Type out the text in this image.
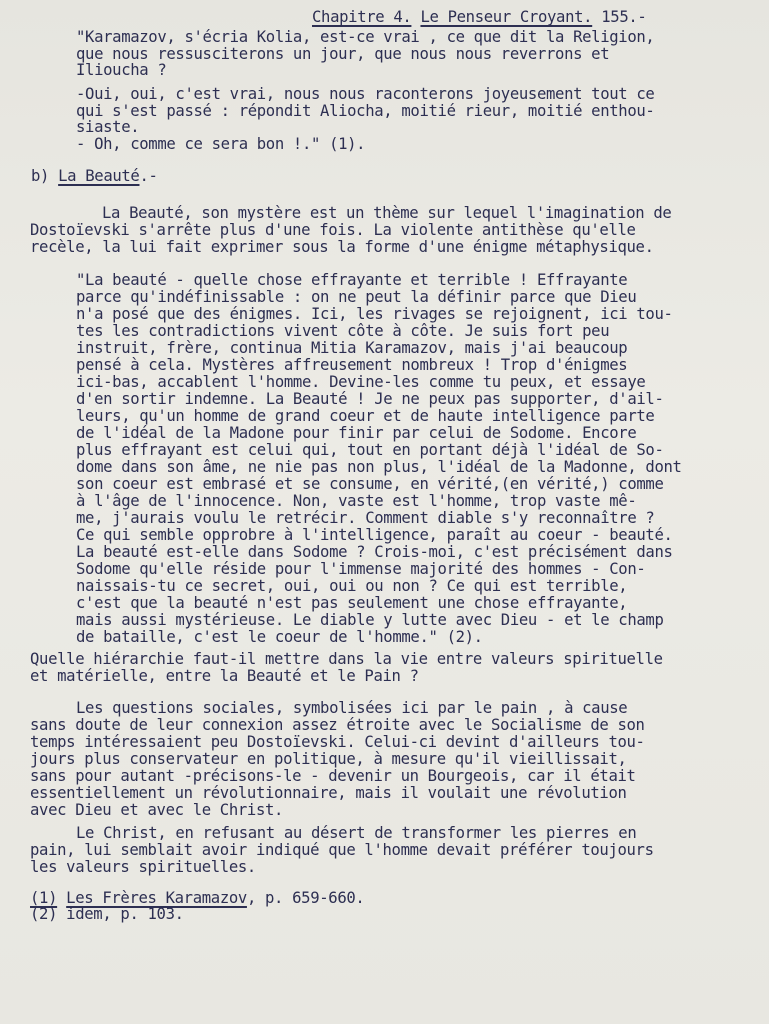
Chapitre 4. Le Penseur Croyant. 155.-
"Karamazov, s'écria Kolia, est-ce vrai , ce que dit la Religion,
que nous ressusciterons un jour, que nous nous reverrons et
Ilioucha ?
-Oui, oui, c'est vrai, nous nous raconterons joyeusement tout ce
qui s'est passé : répondit Aliocha, moitié rieur, moitié enthou-
siaste.
- Oh, comme ce sera bon !." (1).
b) La Beauté.-
La Beauté, son mystère est un thème sur lequel l'imagination de
Dostoïevski s'arrête plus d'une fois. La violente antithèse qu'elle
recèle, la lui fait exprimer sous la forme d'une énigme métaphysique.
"La beauté - quelle chose effrayante et terrible ! Effrayante
parce qu'indéfinissable : on ne peut la définir parce que Dieu
n'a posé que des énigmes. Ici, les rivages se rejoignent, ici tou-
tes les contradictions vivent côte à côte. Je suis fort peu
instruit, frère, continua Mitia Karamazov, mais j'ai beaucoup
pensé à cela. Mystères affreusement nombreux ! Trop d'énigmes
ici-bas, accablent l'homme. Devine-les comme tu peux, et essaye
d'en sortir indemne. La Beauté ! Je ne peux pas supporter, d'ail-
leurs, qu'un homme de grand coeur et de haute intelligence parte
de l'idéal de la Madone pour finir par celui de Sodome. Encore
plus effrayant est celui qui, tout en portant déjà l'idéal de So-
dome dans son âme, ne nie pas non plus, l'idéal de la Madonne, dont
son coeur est embrasé et se consume, en vérité,(en vérité,) comme
à l'âge de l'innocence. Non, vaste est l'homme, trop vaste mê-
me, j'aurais voulu le retrécir. Comment diable s'y reconnaître ?
Ce qui semble opprobre à l'intelligence, paraît au coeur - beauté.
La beauté est-elle dans Sodome ? Crois-moi, c'est précisément dans
Sodome qu'elle réside pour l'immense majorité des hommes - Con-
naissais-tu ce secret, oui, oui ou non ? Ce qui est terrible,
c'est que la beauté n'est pas seulement une chose effrayante,
mais aussi mystérieuse. Le diable y lutte avec Dieu - et le champ
de bataille, c'est le coeur de l'homme." (2).
Quelle hiérarchie faut-il mettre dans la vie entre valeurs spirituelle
et matérielle, entre la Beauté et le Pain ?
Les questions sociales, symbolisées ici par le pain , à cause
sans doute de leur connexion assez étroite avec le Socialisme de son
temps intéressaient peu Dostoïevski. Celui-ci devint d'ailleurs tou-
jours plus conservateur en politique, à mesure qu'il vieillissait,
sans pour autant -précisons-le - devenir un Bourgeois, car il était
essentiellement un révolutionnaire, mais il voulait une révolution
avec Dieu et avec le Christ.
Le Christ, en refusant au désert de transformer les pierres en
pain, lui semblait avoir indiqué que l'homme devait préférer toujours
les valeurs spirituelles.
(1) Les Frères Karamazov, p. 659-660.
(2) idem, p. 103.
